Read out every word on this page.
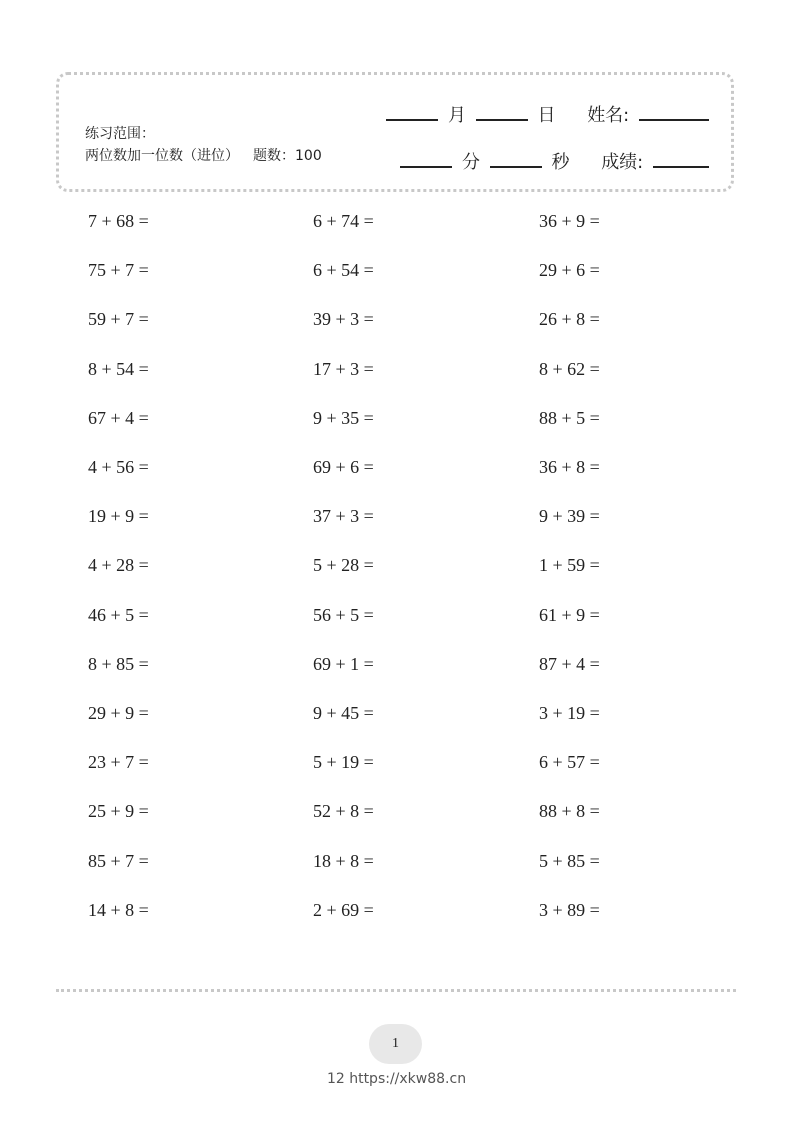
练习范围：
两位数加一位数（进位） 题数：100
月	日 姓名:
分	秒 成绩:
7 + 68 =	6 + 74 =	36 + 9 =
75 + 7 =	6 + 54 =	29 + 6 =
59 + 7 =	39 + 3 =	26 + 8 =
8 + 54 =	17 + 3 =	8 + 62 =
67 + 4 =	9 + 35 =	88 + 5 =
4 + 56 =	69 + 6 =	36 + 8 =
19 + 9 =	37 + 3 =	9 + 39 =
4 + 28 =	5 + 28 =	1 + 59 =
46 + 5 =	56 + 5 =	61 + 9 =
8 + 85 =	69 + 1 =	87 + 4 =
29 + 9 =	9 + 45 =	3 + 19 =
23 + 7 =	5 + 19 =	6 + 57 =
25 + 9 =	52 + 8 =	88 + 8 =
85 + 7 =	18 + 8 =	5 + 85 =
14 + 8 =	2 + 69 =	3 + 89 =
1
12 https://xkw88.cn
